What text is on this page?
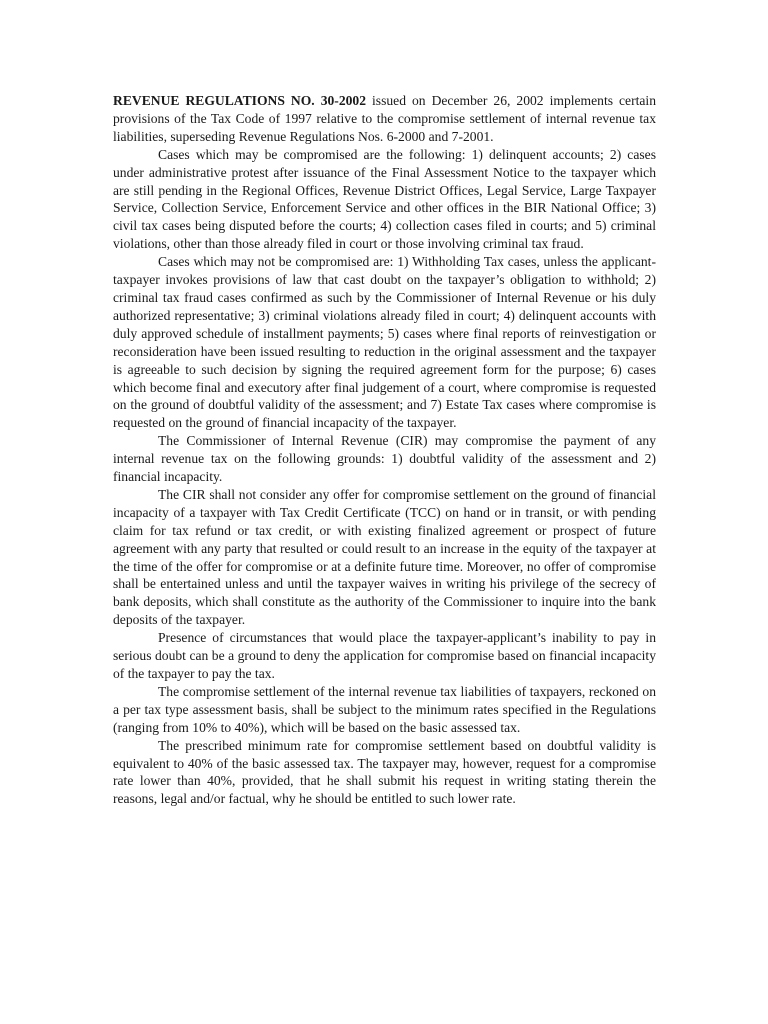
REVENUE REGULATIONS NO. 30-2002 issued on December 26, 2002 implements certain provisions of the Tax Code of 1997 relative to the compromise settlement of internal revenue tax liabilities, superseding Revenue Regulations Nos. 6-2000 and 7-2001.

Cases which may be compromised are the following: 1) delinquent accounts; 2) cases under administrative protest after issuance of the Final Assessment Notice to the taxpayer which are still pending in the Regional Offices, Revenue District Offices, Legal Service, Large Taxpayer Service, Collection Service, Enforcement Service and other offices in the BIR National Office; 3) civil tax cases being disputed before the courts; 4) collection cases filed in courts; and 5) criminal violations, other than those already filed in court or those involving criminal tax fraud.

Cases which may not be compromised are: 1) Withholding Tax cases, unless the applicant-taxpayer invokes provisions of law that cast doubt on the taxpayer’s obligation to withhold; 2) criminal tax fraud cases confirmed as such by the Commissioner of Internal Revenue or his duly authorized representative; 3) criminal violations already filed in court; 4) delinquent accounts with duly approved schedule of installment payments; 5) cases where final reports of reinvestigation or reconsideration have been issued resulting to reduction in the original assessment and the taxpayer is agreeable to such decision by signing the required agreement form for the purpose; 6) cases which become final and executory after final judgement of a court, where compromise is requested on the ground of doubtful validity of the assessment; and 7) Estate Tax cases where compromise is requested on the ground of financial incapacity of the taxpayer.

The Commissioner of Internal Revenue (CIR) may compromise the payment of any internal revenue tax on the following grounds: 1) doubtful validity of the assessment and 2) financial incapacity.

The CIR shall not consider any offer for compromise settlement on the ground of financial incapacity of a taxpayer with Tax Credit Certificate (TCC) on hand or in transit, or with pending claim for tax refund or tax credit, or with existing finalized agreement or prospect of future agreement with any party that resulted or could result to an increase in the equity of the taxpayer at the time of the offer for compromise or at a definite future time. Moreover, no offer of compromise shall be entertained unless and until the taxpayer waives in writing his privilege of the secrecy of bank deposits, which shall constitute as the authority of the Commissioner to inquire into the bank deposits of the taxpayer.

Presence of circumstances that would place the taxpayer-applicant’s inability to pay in serious doubt can be a ground to deny the application for compromise based on financial incapacity of the taxpayer to pay the tax.

The compromise settlement of the internal revenue tax liabilities of taxpayers, reckoned on a per tax type assessment basis, shall be subject to the minimum rates specified in the Regulations (ranging from 10% to 40%), which will be based on the basic assessed tax.

The prescribed minimum rate for compromise settlement based on doubtful validity is equivalent to 40% of the basic assessed tax. The taxpayer may, however, request for a compromise rate lower than 40%, provided, that he shall submit his request in writing stating therein the reasons, legal and/or factual, why he should be entitled to such lower rate.
